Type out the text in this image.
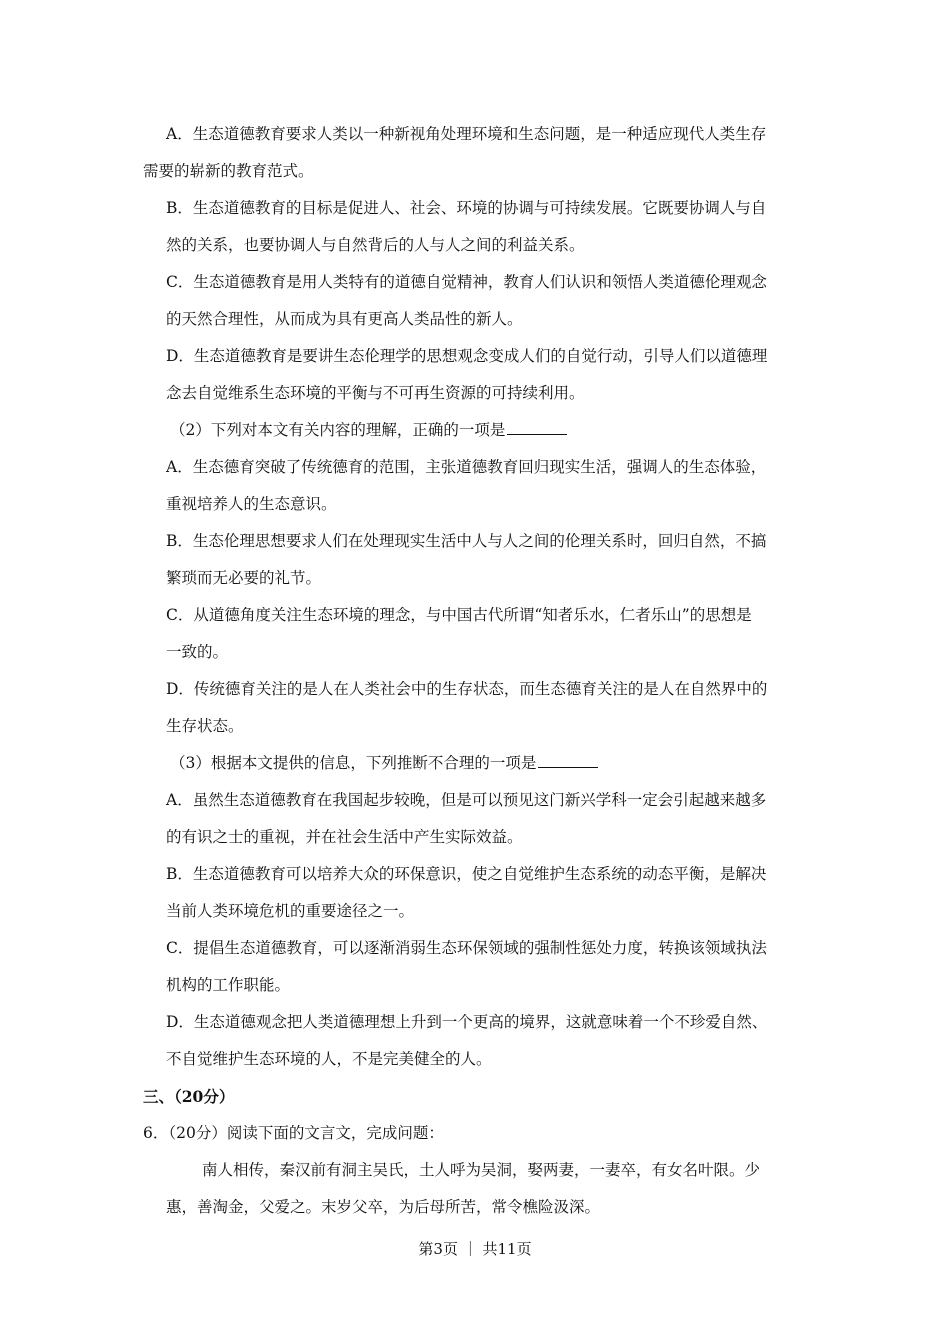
A．生态道德教育要求人类以一种新视角处理环境和生态问题，是一种适应现代人类生存

需要的崭新的教育范式。

B．生态道德教育的目标是促进人、社会、环境的协调与可持续发展。它既要协调人与自

然的关系，也要协调人与自然背后的人与人之间的利益关系。

C．生态道德教育是用人类特有的道德自觉精神，教育人们认识和领悟人类道德伦理观念

的天然合理性，从而成为具有更高人类品性的新人。

D．生态道德教育是要讲生态伦理学的思想观念变成人们的自觉行动，引导人们以道德理

念去自觉维系生态环境的平衡与不可再生资源的可持续利用。

（2）下列对本文有关内容的理解，正确的一项是

A．生态德育突破了传统德育的范围，主张道德教育回归现实生活，强调人的生态体验，

重视培养人的生态意识。

B．生态伦理思想要求人们在处理现实生活中人与人之间的伦理关系时，回归自然，不搞

繁琐而无必要的礼节。

C．从道德角度关注生态环境的理念，与中国古代所谓“知者乐水，仁者乐山”的思想是

一致的。

D．传统德育关注的是人在人类社会中的生存状态，而生态德育关注的是人在自然界中的

生存状态。

（3）根据本文提供的信息，下列推断不合理的一项是

A．虽然生态道德教育在我国起步较晚，但是可以预见这门新兴学科一定会引起越来越多

的有识之士的重视，并在社会生活中产生实际效益。

B．生态道德教育可以培养大众的环保意识，使之自觉维护生态系统的动态平衡，是解决

当前人类环境危机的重要途径之一。

C．提倡生态道德教育，可以逐渐消弱生态环保领域的强制性惩处力度，转换该领域执法

机构的工作职能。

D．生态道德观念把人类道德理想上升到一个更高的境界，这就意味着一个不珍爱自然、

不自觉维护生态环境的人，不是完美健全的人。

三、（20分）

6．（20分）阅读下面的文言文，完成问题：

南人相传，秦汉前有洞主吴氏，土人呼为吴洞，娶两妻，一妻卒，有女名叶限。少

惠，善淘金，父爱之。末岁父卒，为后母所苦，常令樵险汲深。

第3页 ｜ 共11页
